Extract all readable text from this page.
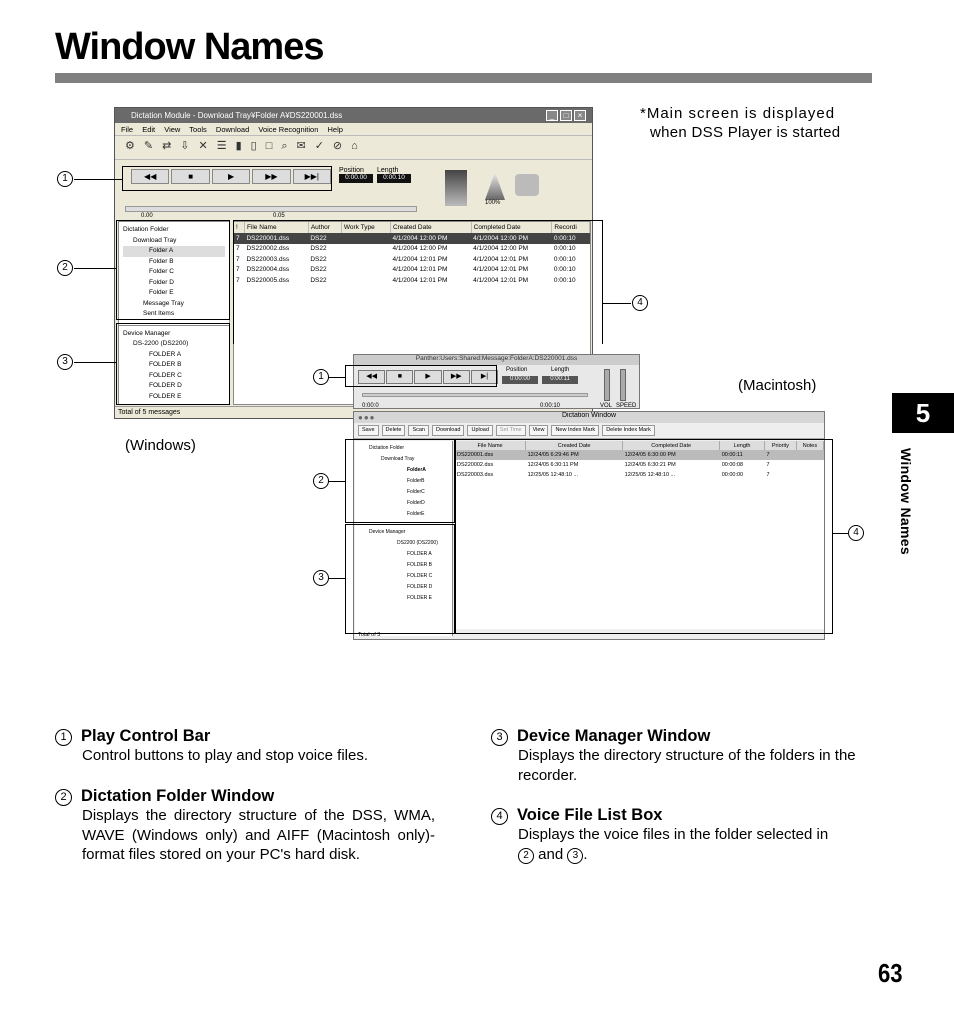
Window Names
*Main screen is displayed
when DSS Player is started
Dictation Module - Download Tray¥Folder A¥DS220001.dss	_	□	×
File Edit View Tools Download Voice Recognition Help
⚙✎⇄⇩✕☰▮▯□⌕✉✓⊘⌂
◀◀	■	▶	▶▶	▶▶|
Position Length
0:00.00	0:00.10
100%
0.00	0.05
Dictation Folder
Download Tray
Folder A
Folder B
Folder C
Folder D
Folder E
Message Tray
Sent Items
Device Manager
DS-2200 (DS2200)
FOLDER A
FOLDER B
FOLDER C
FOLDER D
FOLDER E
!	File Name	Author	Work Type	Created Date	Completed Date	Recordi
7	DS220001.dss	DS22		4/1/2004 12:00 PM	4/1/2004 12:00 PM	0:00:10
7	DS220002.dss	DS22		4/1/2004 12:00 PM	4/1/2004 12:00 PM	0:00:10
7	DS220003.dss	DS22		4/1/2004 12:01 PM	4/1/2004 12:01 PM	0:00:10
7	DS220004.dss	DS22		4/1/2004 12:01 PM	4/1/2004 12:01 PM	0:00:10
7	DS220005.dss	DS22		4/1/2004 12:01 PM	4/1/2004 12:01 PM	0:00:10
Total of 5 messages
Panther:Users:Shared:Message:FolderA:DS220001.dss
◀◀	■	▶	▶▶	▶|
Position	Length
0:00:00	0:00:11
0:00:0	0:00:10	VOL SPEED
●●●	Dictation Window
Save	Delete	Scan	Download	Upload	Set Time	View	New Index Mark	Delete Index Mark
Dictation Folder
Download Tray
FolderA
FolderB
FolderC
FolderD
FolderE
Device Manager
DS2200 (DS2200)
FOLDER A
FOLDER B
FOLDER C
FOLDER D
FOLDER E
File Name	Created Date	Completed Date	Length	Priority	Notes
DS220001.dss	12/24/05 6:29:46 PM	12/24/05 6:30:00 PM	00:00:11	7	
DS220002.dss	12/24/05 6:30:11 PM	12/24/05 6:30:21 PM	00:00:08	7	
DS220003.dss	12/25/05 12:48:10 ...	12/25/05 12:48:10 ...	00:00:00	7	
Total of 3
1
2
3
4
1
2
3
4
(Windows)
(Macintosh)
1 Play Control Bar
Control buttons to play and stop voice files.
2 Dictation Folder Window
Displays the directory structure of the DSS, WMA, WAVE (Windows only) and AIFF (Macintosh only)-format files stored on your PC's hard disk.
3 Device Manager Window
Displays the directory structure of the folders in the recorder.
4 Voice File List Box
Displays the voice files in the folder selected in
2 and 3 .
5
Window Names
63
